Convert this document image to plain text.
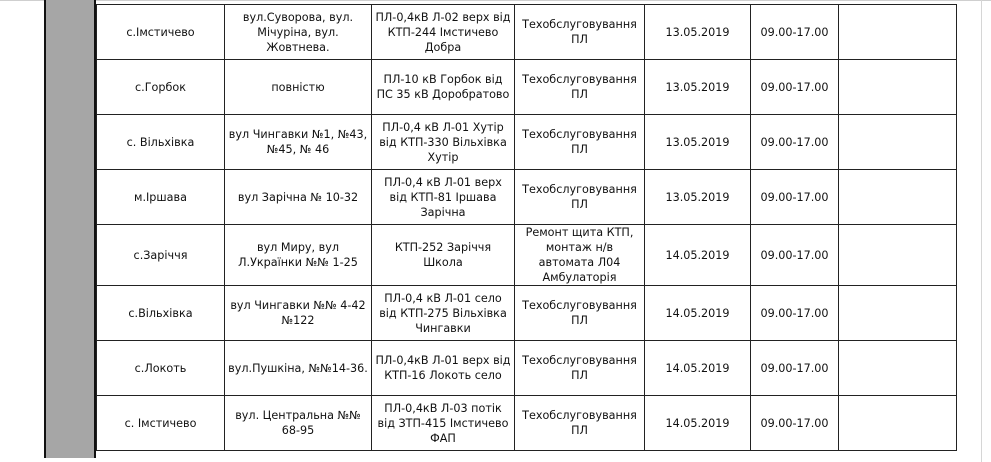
с.Імстичево	вул.Суворова, вул. Мічуріна, вул. Жовтнева.	ПЛ-0,4кВ Л-02 верх від КТП-244 Імстичево Добра	Техобслуговування ПЛ	13.05.2019	09.00-17.00	
с.Горбок	повністю	ПЛ-10 кВ Горбок від ПС 35 кВ Доробратово	Техобслуговування ПЛ	13.05.2019	09.00-17.00	
с. Вільхівка	вул Чингавки №1, №43, №45, № 46	ПЛ-0,4 кВ Л-01 Хутір від КТП-330 Вільхівка Хутір	Техобслуговування ПЛ	13.05.2019	09.00-17.00	
м.Іршава	вул Зарічна № 10-32	ПЛ-0,4 кВ Л-01 верх від КТП-81 Іршава Зарічна	Техобслуговування ПЛ	13.05.2019	09.00-17.00	
с.Заріччя	вул Миру, вул Л.Українки №№ 1-25	КТП-252 Заріччя Школа	Ремонт щита КТП, монтаж н/в автомата Л04 Амбулаторія	14.05.2019	09.00-17.00	
с.Вільхівка	вул Чингавки №№ 4-42 №122	ПЛ-0,4 кВ Л-01 село від КТП-275 Вільхівка Чингавки	Техобслуговування ПЛ	14.05.2019	09.00-17.00	
с.Локоть	вул.Пушкіна, №№14-36.	ПЛ-0,4кВ Л-01 верх від КТП-16 Локоть село	Техобслуговування ПЛ	14.05.2019	09.00-17.00	
с. Імстичево	вул. Центральна №№ 68-95	ПЛ-0,4кВ Л-03 потік від ЗТП-415 Імстичево ФАП	Техобслуговування ПЛ	14.05.2019	09.00-17.00	
